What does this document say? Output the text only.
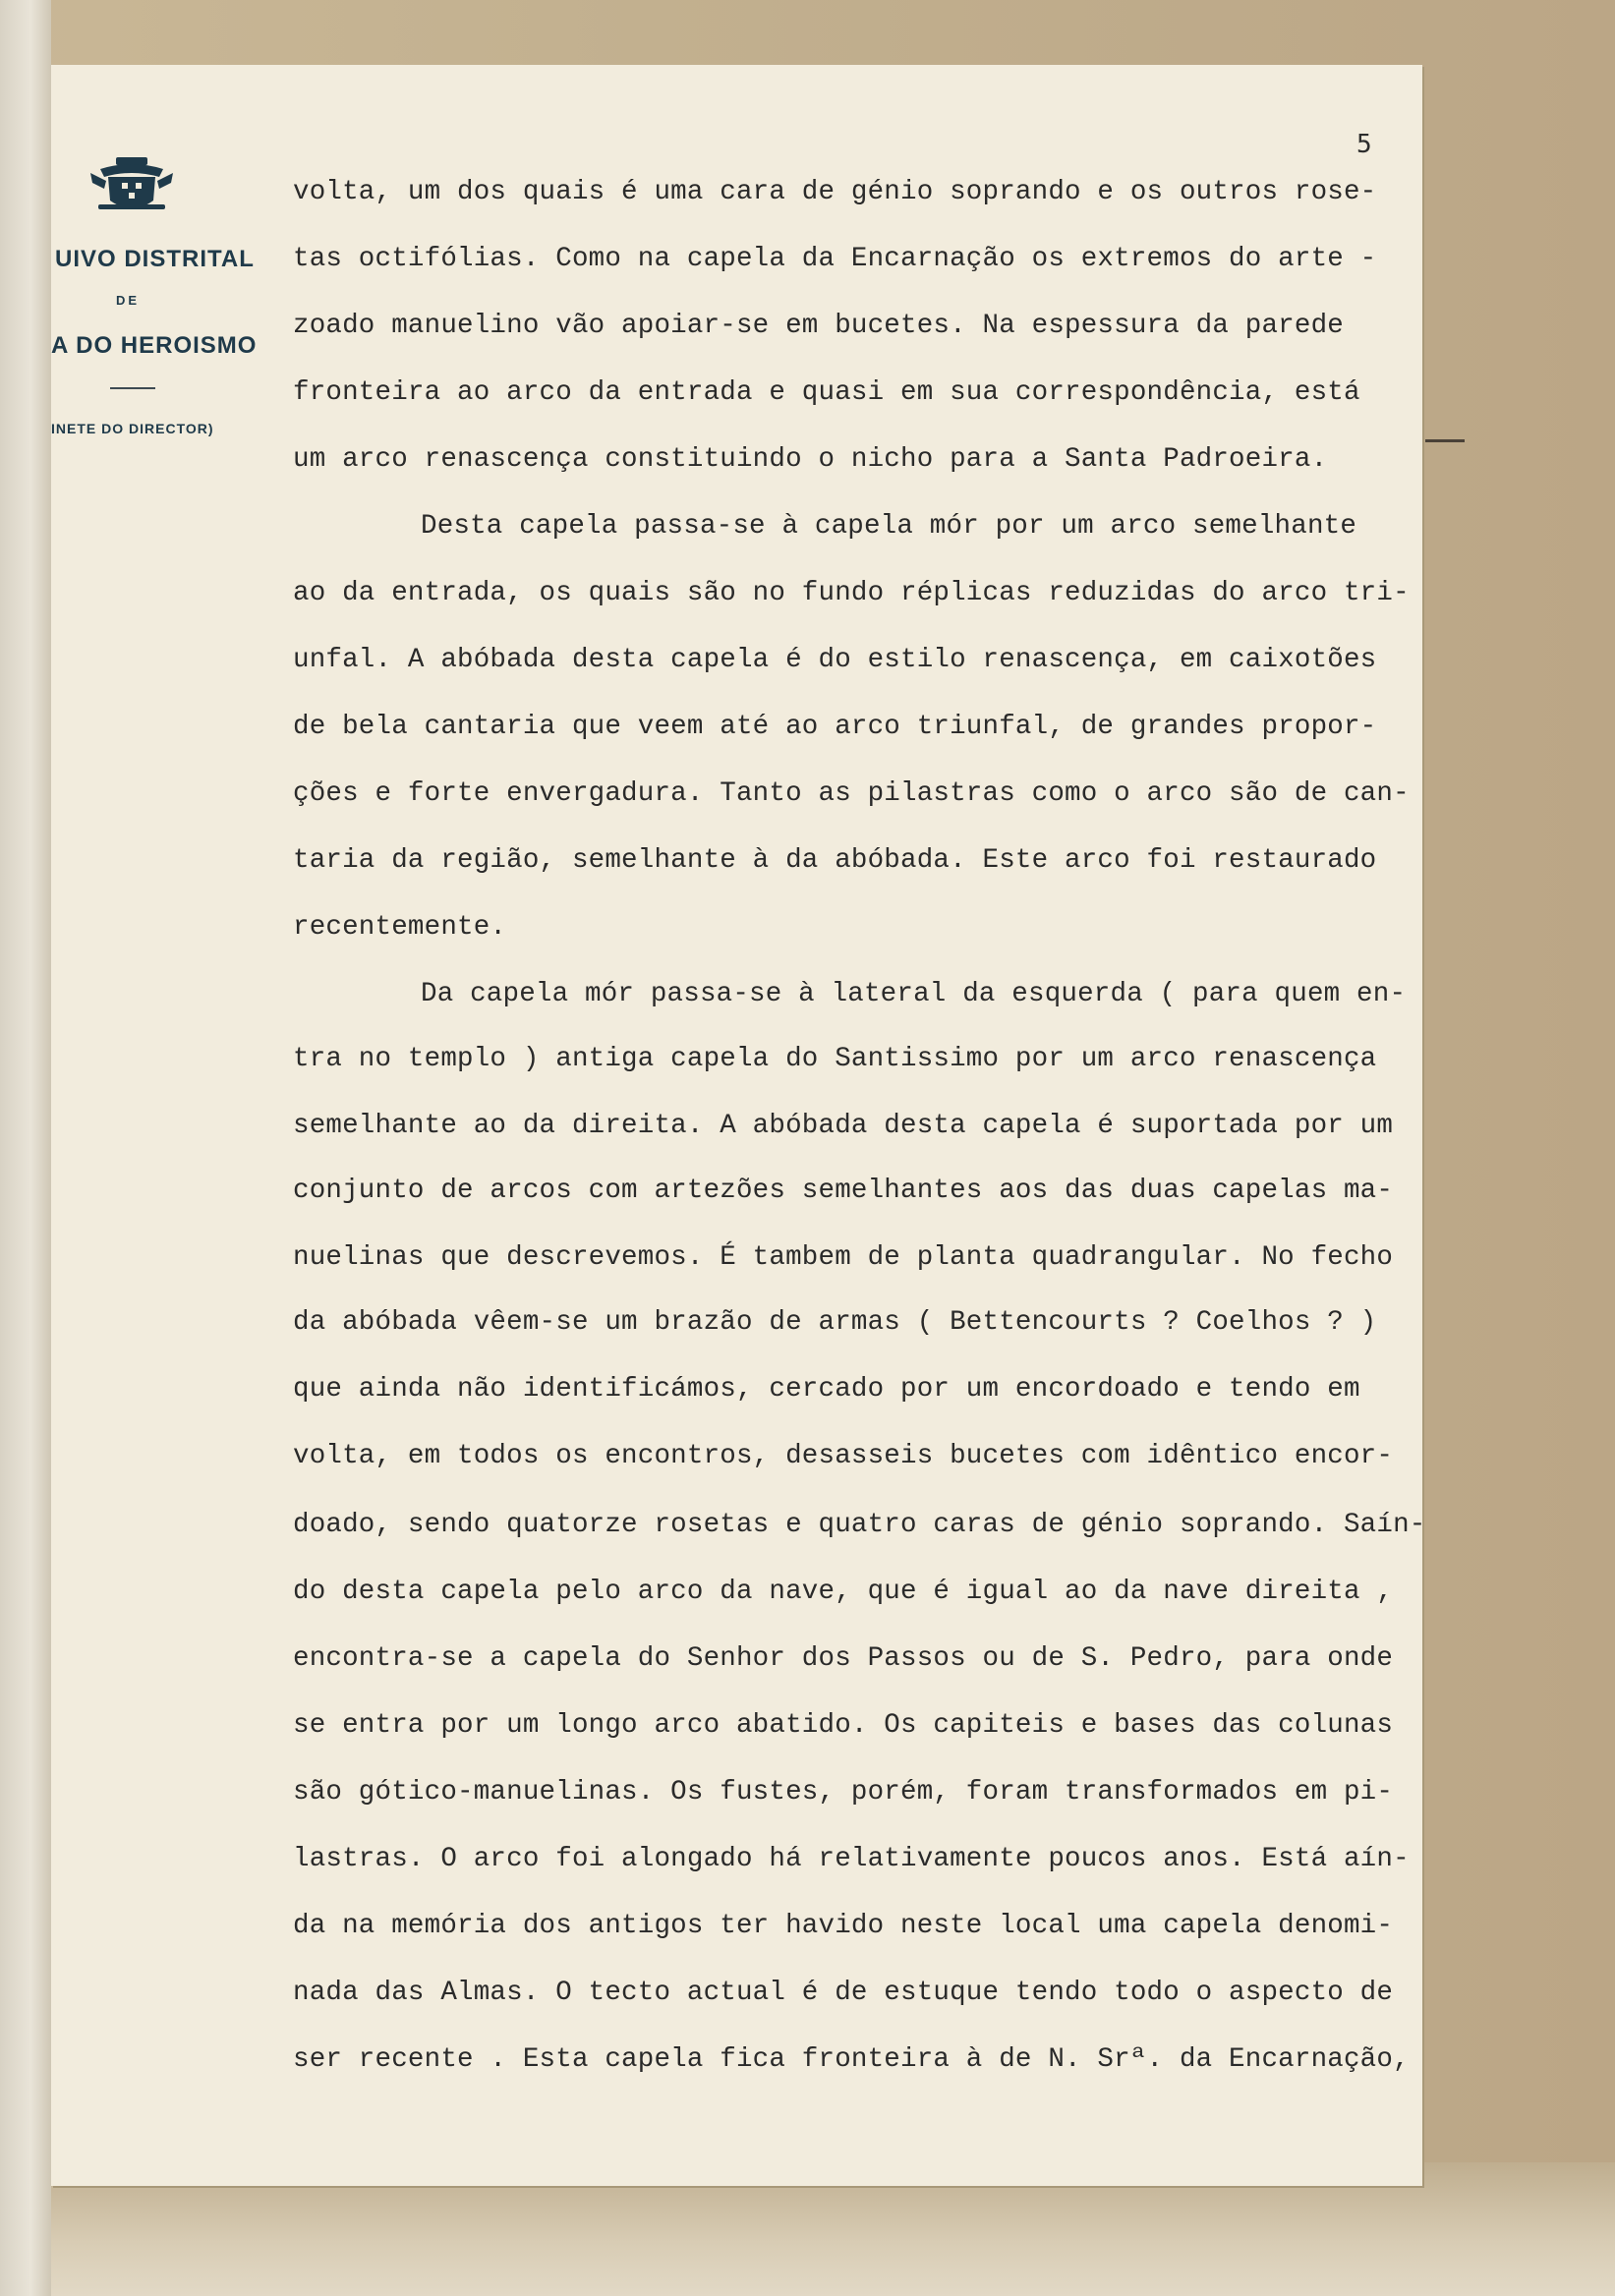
UIVO DISTRITAL
DE
A DO HEROISMO
INETE DO DIRECTOR)
5
volta, um dos quais é uma cara de génio soprando e os outros rose-
tas octifólias. Como na capela da Encarnação os extremos do arte -
zoado manuelino vão apoiar-se em bucetes. Na espessura da parede
fronteira ao arco da entrada e quasi em sua correspondência, está
um arco renascença constituindo o nicho para a Santa Padroeira.
Desta capela passa-se à capela mór por um arco semelhante
ao da entrada, os quais são no fundo réplicas reduzidas do arco tri-
unfal. A abóbada desta capela é do estilo renascença, em caixotões
de bela cantaria que veem até ao arco triunfal, de grandes propor-
ções e forte envergadura. Tanto as pilastras como o arco são de can-
taria da região, semelhante à da abóbada. Este arco foi restaurado
recentemente.
Da capela mór passa-se à lateral da esquerda ( para quem en-
tra no templo ) antiga capela do Santissimo por um arco renascença
semelhante ao da direita. A abóbada desta capela é suportada por um
conjunto de arcos com artezões semelhantes aos das duas capelas ma-
nuelinas que descrevemos. É tambem de planta quadrangular. No fecho
da abóbada vêem-se um brazão de armas ( Bettencourts ? Coelhos ? )
que ainda não identificámos, cercado por um encordoado e tendo em
volta, em todos os encontros, desasseis bucetes com idêntico encor-
doado, sendo quatorze rosetas e quatro caras de génio soprando. Saín-
do desta capela pelo arco da nave, que é igual ao da nave direita ,
encontra-se a capela do Senhor dos Passos ou de S. Pedro, para onde
se entra por um longo arco abatido. Os capiteis e bases das colunas
são gótico-manuelinas. Os fustes, porém, foram transformados em pi-
lastras. O arco foi alongado há relativamente poucos anos. Está aín-
da na memória dos antigos ter havido neste local uma capela denomi-
nada das Almas. O tecto actual é de estuque tendo todo o aspecto de
ser recente . Esta capela fica fronteira à de N. Srª. da Encarnação,
